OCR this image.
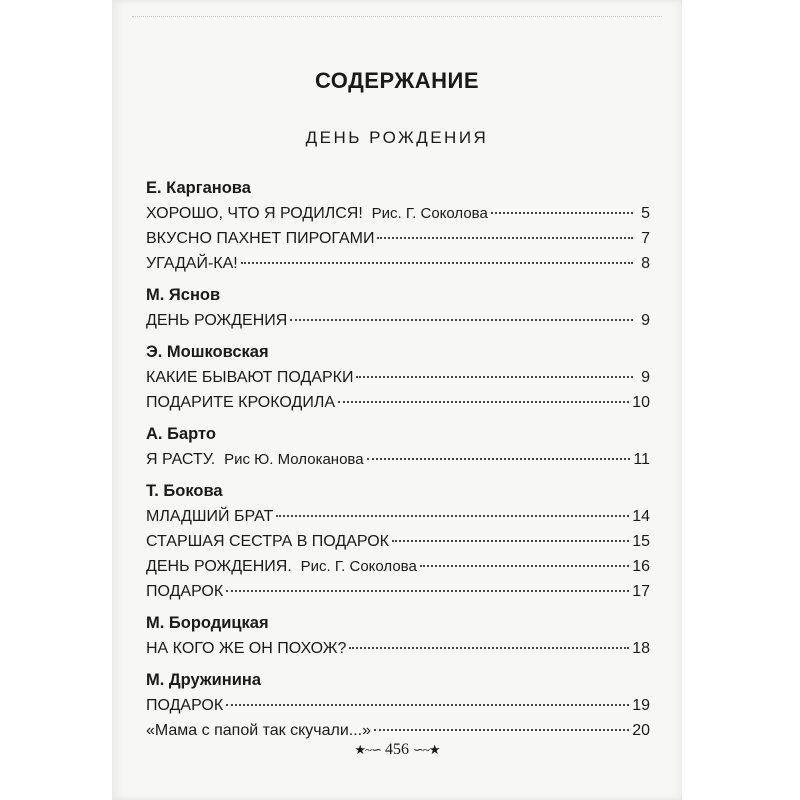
СОДЕРЖАНИЕ
ДЕНЬ РОЖДЕНИЯ
Е. Карганова
ХОРОШО, ЧТО Я РОДИЛСЯ! Рис. Г. Соколова	5
ВКУСНО ПАХНЕТ ПИРОГАМИ	7
УГАДАЙ-КА!	8
М. Яснов
ДЕНЬ РОЖДЕНИЯ	9
Э. Мошковская
КАКИЕ БЫВАЮТ ПОДАРКИ	9
ПОДАРИТЕ КРОКОДИЛА	10
А. Барто
Я РАСТУ. Рис Ю. Молоканова	11
Т. Бокова
МЛАДШИЙ БРАТ	14
СТАРШАЯ СЕСТРА В ПОДАРОК	15
ДЕНЬ РОЖДЕНИЯ. Рис. Г. Соколова	16
ПОДАРОК	17
М. Бородицкая
НА КОГО ЖЕ ОН ПОХОЖ?	18
М. Дружинина
ПОДАРОК	19
«Мама с папой так скучали...»	20
★~∽ 456 ∽~★
